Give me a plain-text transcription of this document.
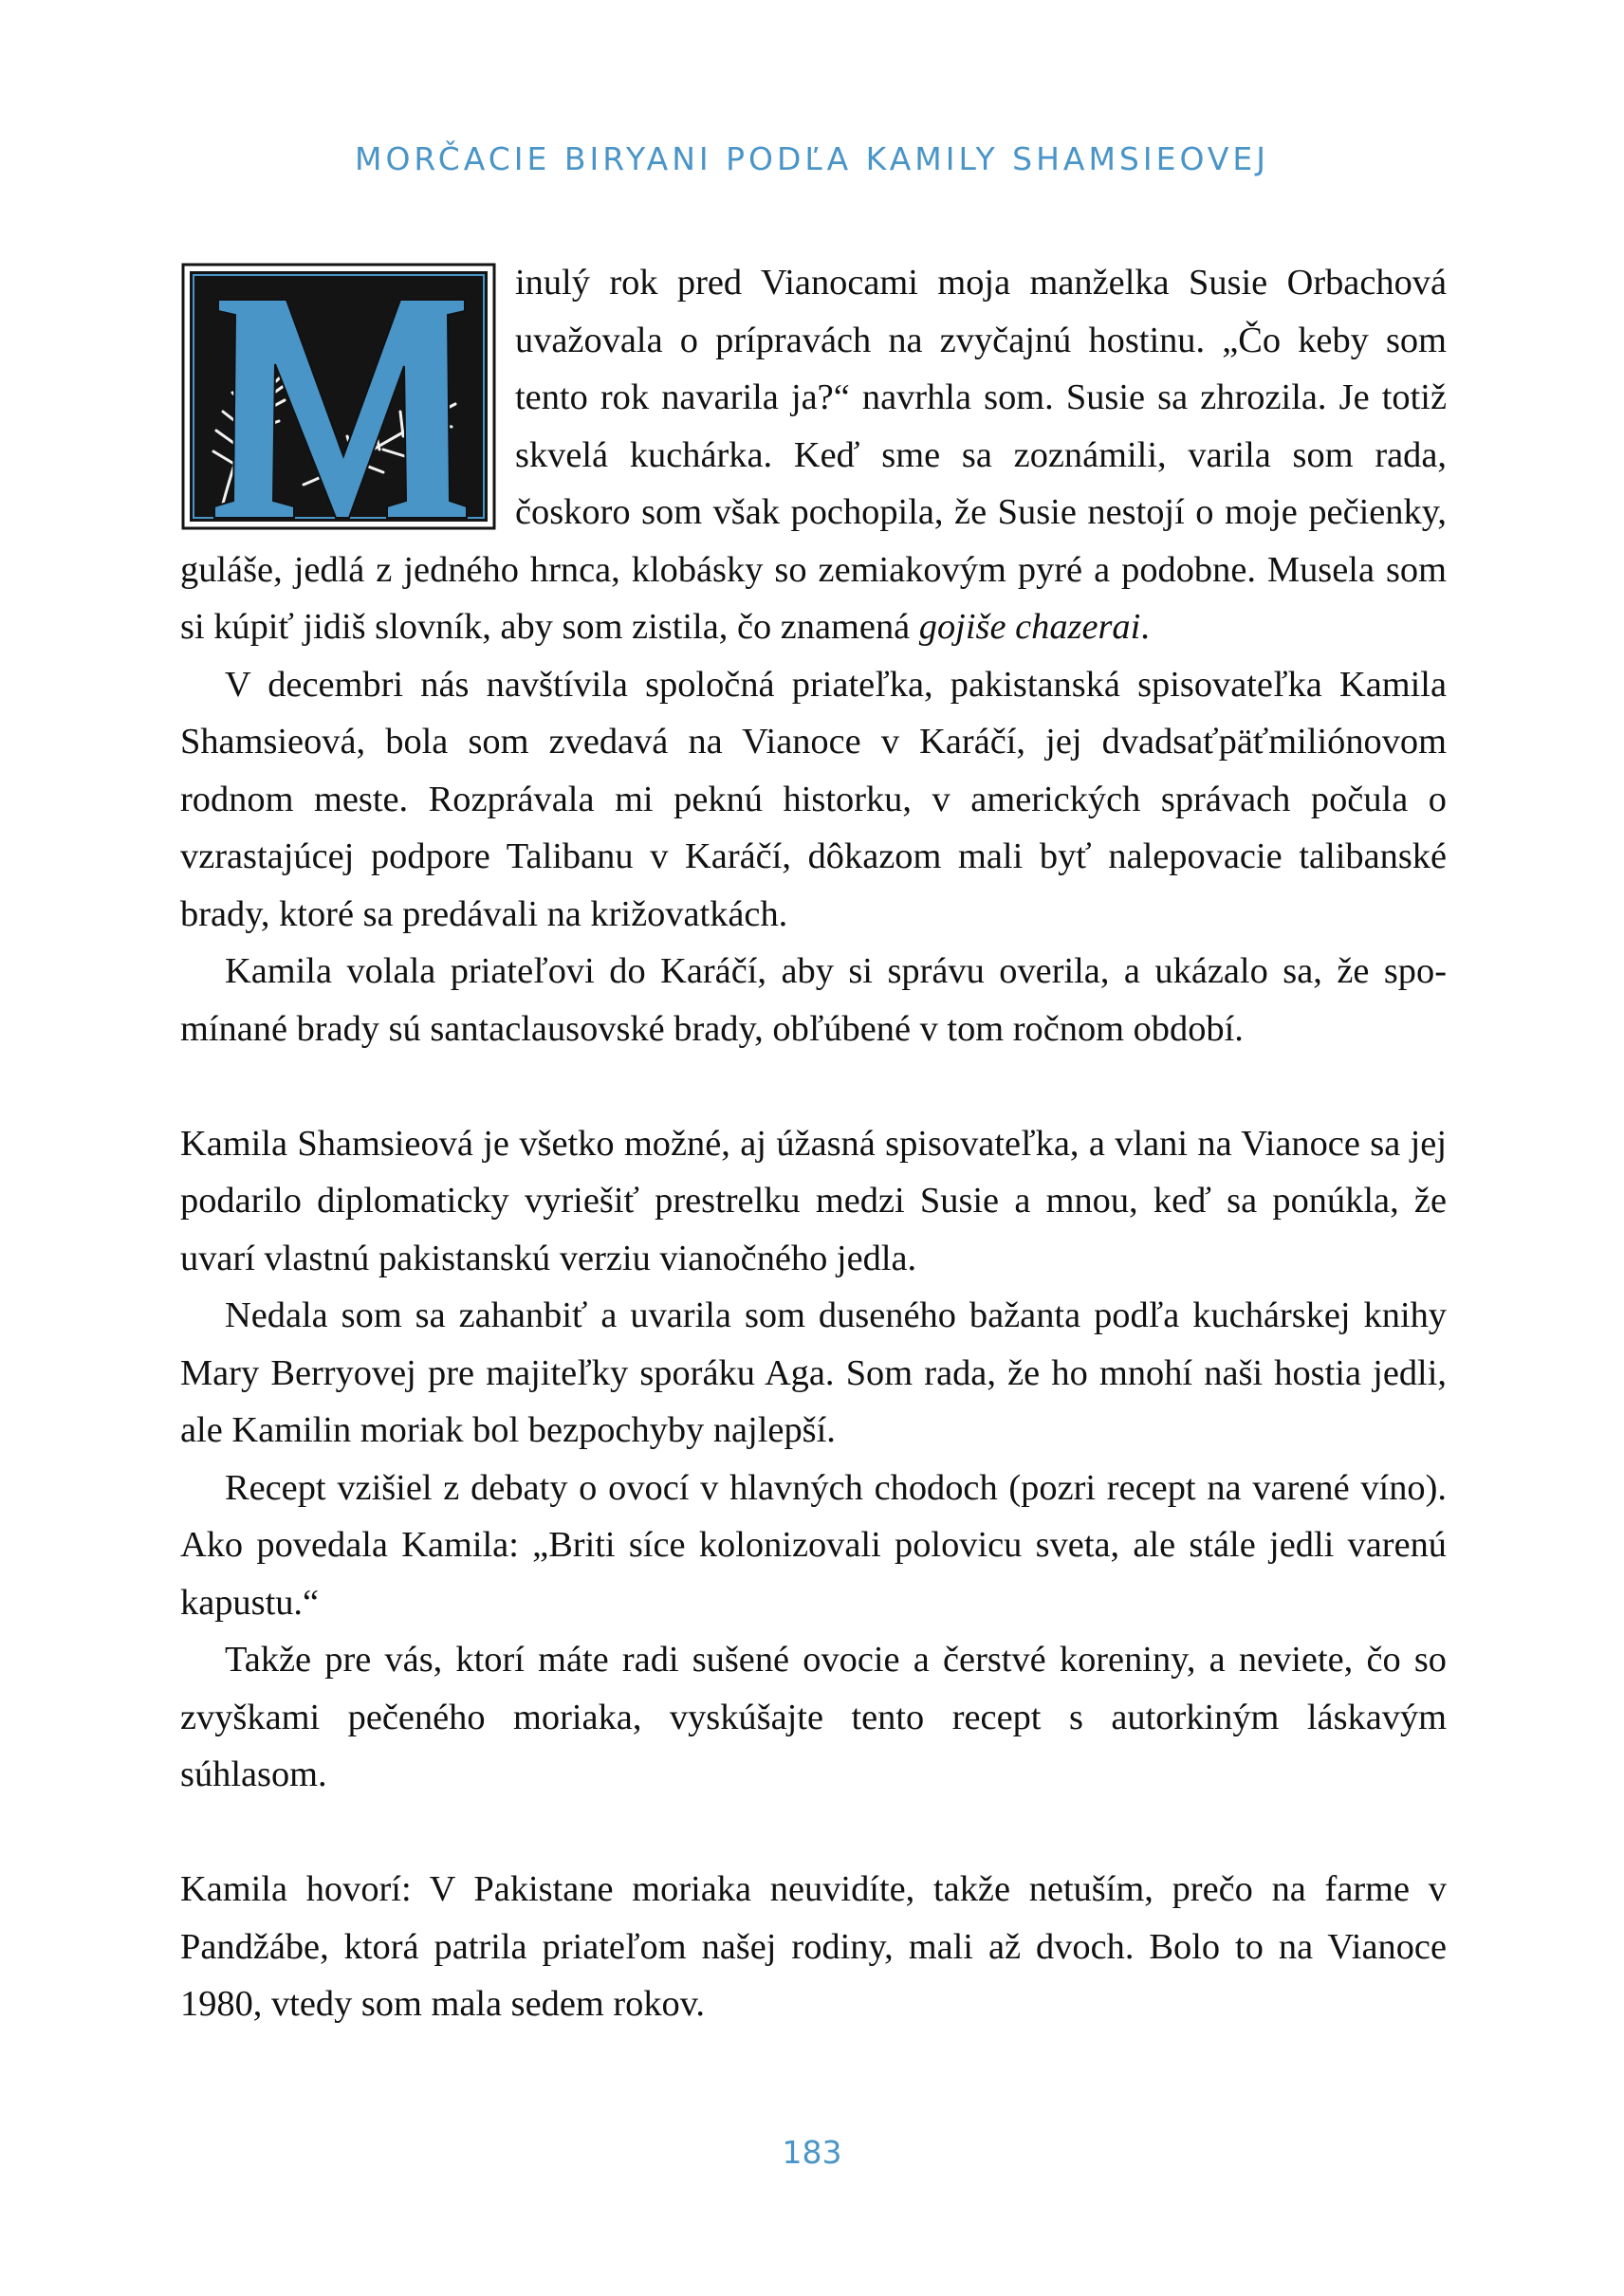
MORČACIE BIRYANI PODĽA KAMILY SHAMSIEOVEJ

inulý rok pred Vianocami moja manželka Susie Orbachová uvažovala o prípravách na zvyčajnú hostinu. „Čo keby som tento rok navarila ja?“ navrhla som. Susie sa zhrozila. Je totiž skvelá kuchárka. Keď sme sa zoznámili, varila som rada, čoskoro som však pochopila, že Susie nestojí o moje pečienky, guláše, jedlá z jedného hrnca, klobásky so zemiakovým pyré a podobne. Musela som si kúpiť jidiš slovník, aby som zistila, čo znamená gojiše chazerai.

V decembri nás navštívila spoločná priateľka, pakistanská spisovateľka Kamila Shamsieová, bola som zvedavá na Vianoce v Karáčí, jej dvadsaťpäťmiliónovom rodnom meste. Rozprávala mi peknú historku, v amerických správach počula o vzrastajúcej podpore Talibanu v Karáčí, dôkazom mali byť nalepovacie talibanské brady, ktoré sa predávali na križovatkách.

Kamila volala priateľovi do Karáčí, aby si správu overila, a ukázalo sa, že spomínané brady sú santaclausovské brady, obľúbené v tom ročnom období.

Kamila Shamsieová je všetko možné, aj úžasná spisovateľka, a vlani na Vianoce sa jej podarilo diplomaticky vyriešiť prestrelku medzi Susie a mnou, keď sa ponúkla, že uvarí vlastnú pakistanskú verziu vianočného jedla.

Nedala som sa zahanbiť a uvarila som duseného bažanta podľa kuchárskej knihy Mary Berryovej pre majiteľky sporáku Aga. Som rada, že ho mnohí naši hostia jedli, ale Kamilin moriak bol bezpochyby najlepší.

Recept vzišiel z debaty o ovocí v hlavných chodoch (pozri recept na varené víno). Ako povedala Kamila: „Briti síce kolonizovali polovicu sveta, ale stále jedli varenú kapustu.“

Takže pre vás, ktorí máte radi sušené ovocie a čerstvé koreniny, a neviete, čo so zvyškami pečeného moriaka, vyskúšajte tento recept s autorkiným láskavým súhlasom.

Kamila hovorí: V Pakistane moriaka neuvidíte, takže netuším, prečo na farme v Pandžábe, ktorá patrila priateľom našej rodiny, mali až dvoch. Bolo to na Vianoce 1980, vtedy som mala sedem rokov.

183
